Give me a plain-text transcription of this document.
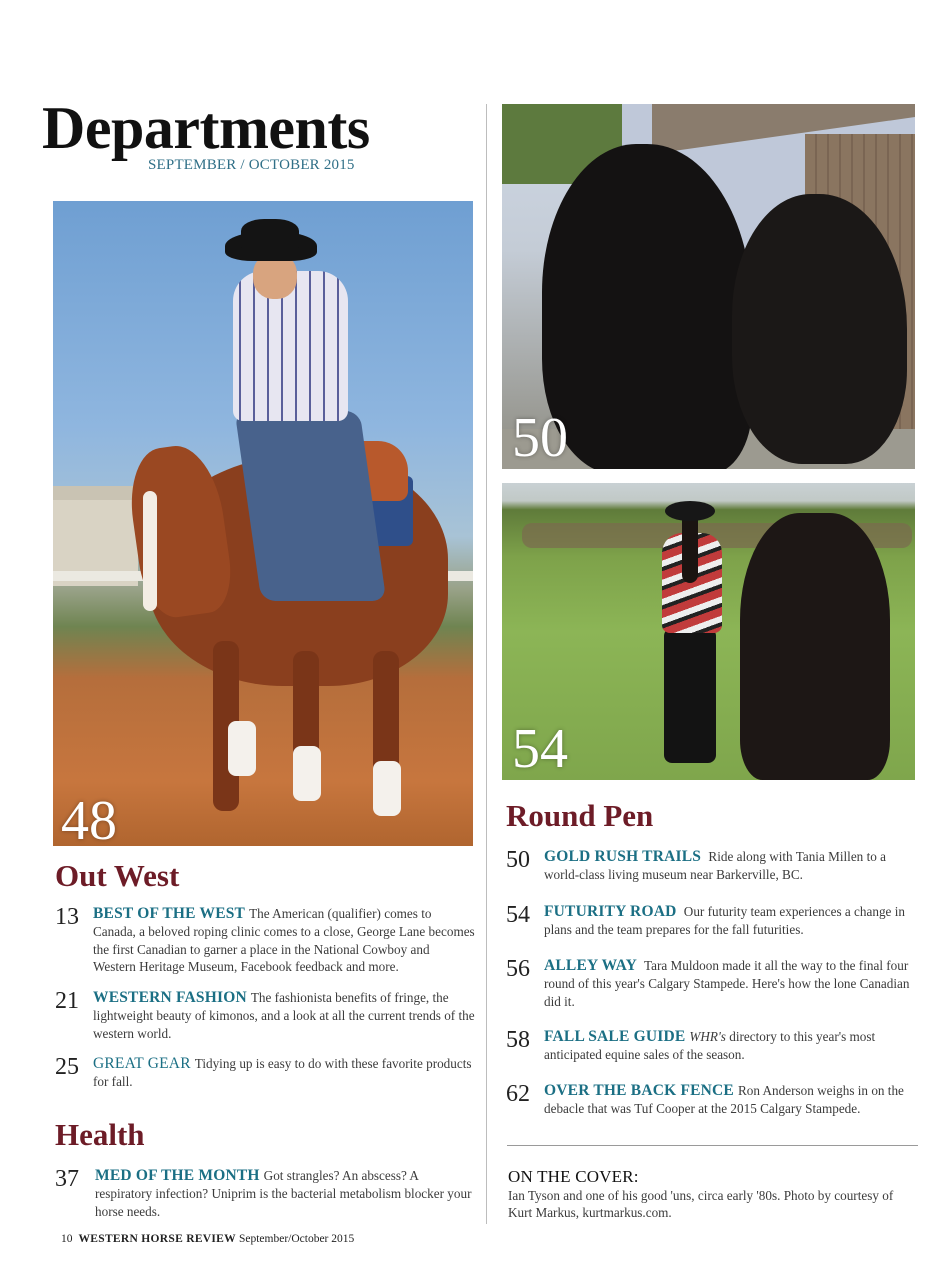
Departments
SEPTEMBER / OCTOBER 2015
48
50
54
Out West
13 BEST OF THE WEST The American (qualifier) comes to Canada, a beloved roping clinic comes to a close, George Lane becomes the first Canadian to garner a place in the National Cowboy and Western Heritage Museum, Facebook feedback and more.
21 WESTERN FASHION The fashionista benefits of fringe, the lightweight beauty of kimonos, and a look at all the current trends of the western world.
25 GREAT GEAR Tidying up is easy to do with these favorite products for fall.
Health
37	MED OF THE MONTH Got strangles? An abscess? A respiratory infection? Uniprim is the bacterial metabolism blocker your horse needs.
Round Pen
50 GOLD RUSH TRAILS Ride along with Tania Millen to a world-class living museum near Barkerville, BC.
54 FUTURITY ROAD Our futurity team experiences a change in plans and the team prepares for the fall futurities.
56 ALLEY WAY Tara Muldoon made it all the way to the final four round of this year's Calgary Stampede. Here's how the lone Canadian did it.
58 FALL SALE GUIDE WHR's directory to this year's most anticipated equine sales of the season.
62 OVER THE BACK FENCE Ron Anderson weighs in on the debacle that was Tuf Cooper at the 2015 Calgary Stampede.
ON THE COVER:
Ian Tyson and one of his good 'uns, circa early '80s. Photo by courtesy of Kurt Markus, kurtmarkus.com.
10 WESTERN HORSE REVIEW September/October 2015
